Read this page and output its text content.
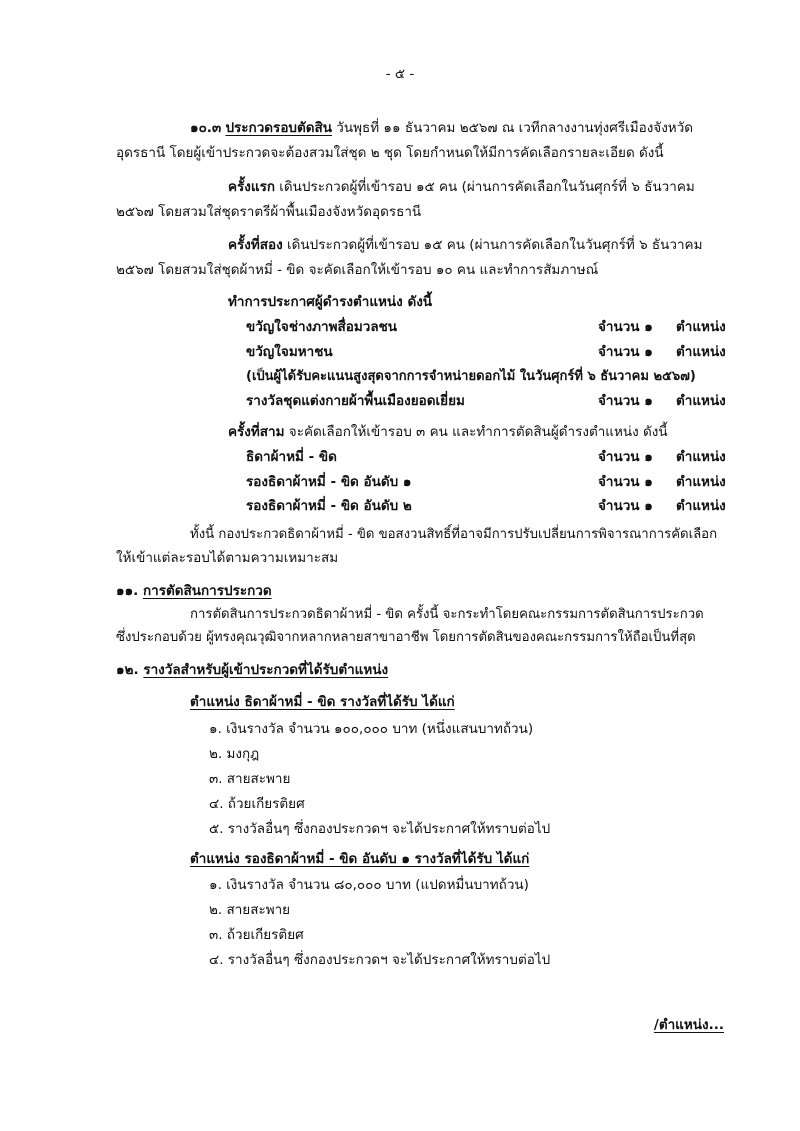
- ๕ -
๑๐.๓ ประกวดรอบตัดสิน วันพุธที่ ๑๑ ธันวาคม ๒๕๖๗ ณ เวทีกลางงานทุ่งศรีเมืองจังหวัด
อุดรธานี โดยผู้เข้าประกวดจะต้องสวมใส่ชุด ๒ ชุด โดยกำหนดให้มีการคัดเลือกรายละเอียด ดังนี้
ครั้งแรก เดินประกวดผู้ที่เข้ารอบ ๑๕ คน (ผ่านการคัดเลือกในวันศุกร์ที่ ๖ ธันวาคม
๒๕๖๗ โดยสวมใส่ชุดราตรีผ้าพื้นเมืองจังหวัดอุดรธานี
ครั้งที่สอง เดินประกวดผู้ที่เข้ารอบ ๑๕ คน (ผ่านการคัดเลือกในวันศุกร์ที่ ๖ ธันวาคม
๒๕๖๗ โดยสวมใส่ชุดผ้าหมี่ - ขิด จะคัดเลือกให้เข้ารอบ ๑๐ คน และทำการสัมภาษณ์
ทำการประกาศผู้ดำรงตำแหน่ง ดังนี้
ขวัญใจช่างภาพสื่อมวลชน	จำนวน ๑ ตำแหน่ง
ขวัญใจมหาชน	จำนวน ๑ ตำแหน่ง
(เป็นผู้ได้รับคะแนนสูงสุดจากการจำหน่ายดอกไม้ ในวันศุกร์ที่ ๖ ธันวาคม ๒๕๖๗)
รางวัลชุดแต่งกายผ้าพื้นเมืองยอดเยี่ยม	จำนวน ๑ ตำแหน่ง
ครั้งที่สาม จะคัดเลือกให้เข้ารอบ ๓ คน และทำการตัดสินผู้ดำรงตำแหน่ง ดังนี้
ธิดาผ้าหมี่ - ขิด	จำนวน ๑ ตำแหน่ง
รองธิดาผ้าหมี่ - ขิด อันดับ ๑	จำนวน ๑ ตำแหน่ง
รองธิดาผ้าหมี่ - ขิด อันดับ ๒	จำนวน ๑ ตำแหน่ง
ทั้งนี้ กองประกวดธิดาผ้าหมี่ - ขิด ขอสงวนสิทธิ์ที่อาจมีการปรับเปลี่ยนการพิจารณาการคัดเลือก
ให้เข้าแต่ละรอบได้ตามความเหมาะสม
๑๑. การตัดสินการประกวด
การตัดสินการประกวดธิดาผ้าหมี่ - ขิด ครั้งนี้ จะกระทำโดยคณะกรรมการตัดสินการประกวด
ซึ่งประกอบด้วย ผู้ทรงคุณวุฒิจากหลากหลายสาขาอาชีพ โดยการตัดสินของคณะกรรมการให้ถือเป็นที่สุด
๑๒. รางวัลสำหรับผู้เข้าประกวดที่ได้รับตำแหน่ง
ตำแหน่ง ธิดาผ้าหมี่ - ขิด รางวัลที่ได้รับ ได้แก่
๑. เงินรางวัล จำนวน ๑๐๐,๐๐๐ บาท (หนึ่งแสนบาทถ้วน)
๒. มงกุฎ
๓. สายสะพาย
๔. ถ้วยเกียรติยศ
๕. รางวัลอื่นๆ ซึ่งกองประกวดฯ จะได้ประกาศให้ทราบต่อไป
ตำแหน่ง รองธิดาผ้าหมี่ - ขิด อันดับ ๑ รางวัลที่ได้รับ ได้แก่
๑. เงินรางวัล จำนวน ๘๐,๐๐๐ บาท (แปดหมื่นบาทถ้วน)
๒. สายสะพาย
๓. ถ้วยเกียรติยศ
๔. รางวัลอื่นๆ ซึ่งกองประกวดฯ จะได้ประกาศให้ทราบต่อไป
/ตำแหน่ง...
